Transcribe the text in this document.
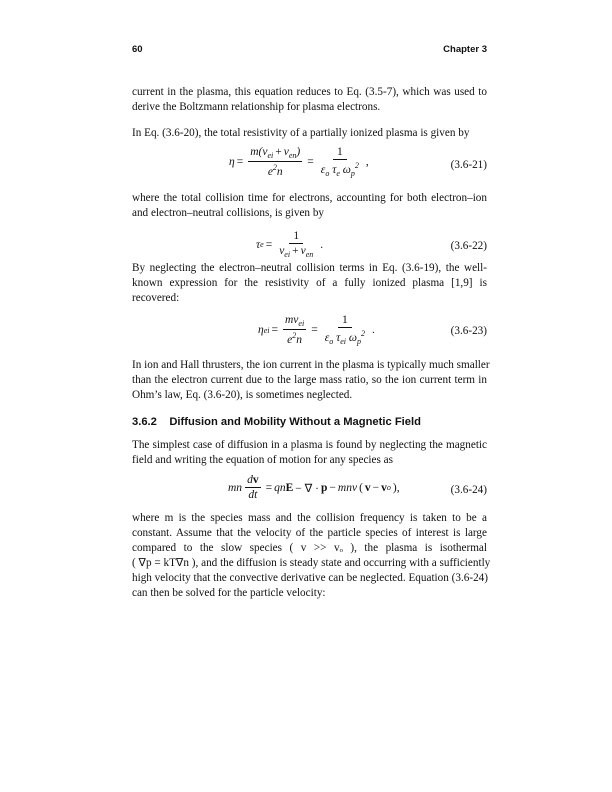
60	Chapter 3
current in the plasma, this equation reduces to Eq. (3.5-7), which was used to
derive the Boltzmann relationship for plasma electrons.
In Eq. (3.6-20), the total resistivity of a partially ionized plasma is given by
$\eta = \frac{m(\nu_{ei} + \nu_{en})}{e^2n} = \frac{1}{\varepsilon_o \tau_e \omega_p^2}$ ,	(3.6-21)
where the total collision time for electrons, accounting for both electron–ion
and electron–neutral collisions, is given by
τ $e = \frac{1}{\nu_{ei} + \nu_{en}}$ .	(3.6-22)
By neglecting the electron–neutral collision terms in Eq. (3.6-19), the well-
known expression for the resistivity of a fully ionized plasma [1,9] is
recovered:
η ei = $\frac{m\nu_{ei}}{e^2n} = \frac{1}{\varepsilon_o \tau_{ei} \omega_p^2}$ .	(3.6-23)
In ion and Hall thrusters, the ion current in the plasma is typically much smaller
than the electron current due to the large mass ratio, so the ion current term in
Ohm’s law, Eq. (3.6-20), is sometimes neglected.
3.6.2    Diffusion and Mobility Without a Magnetic Field
The simplest case of diffusion in a plasma is found by neglecting the magnetic
field and writing the equation of motion for any species as
mn $\frac{dv}{dt}$ = qn E − ∇ · p − mnν ( v − v o ),	(3.6-24)
where m is the species mass and the collision frequency is taken to be a
constant. Assume that the velocity of the particle species of interest is large
compared to the slow species ( v >> vₒ ), the plasma is isothermal
( ∇p = kT∇n ), and the diffusion is steady state and occurring with a sufficiently
high velocity that the convective derivative can be neglected. Equation (3.6-24)
can then be solved for the particle velocity:
